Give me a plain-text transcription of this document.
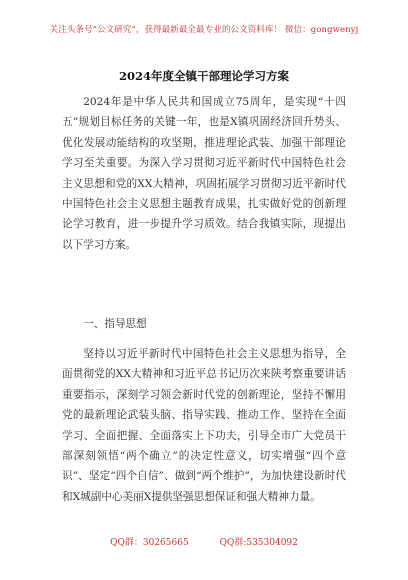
关注头条号“公文研究”，获得最新最全最专业的公文资料库！ 微信：gongwenyj
2024年度全镇干部理论学习方案

2024年是中华人民共和国成立75周年，是实现“十四五”规划目标任务的关键一年，也是X镇巩固经济回升势头、优化发展动能结构的攻坚期，推进理论武装、加强干部理论学习至关重要。为深入学习贯彻习近平新时代中国特色社会主义思想和党的XX大精神，巩固拓展学习贯彻习近平新时代中国特色社会主义思想主题教育成果，扎实做好党的创新理论学习教育，进一步提升学习质效。结合我镇实际，现提出以下学习方案。

一、指导思想

坚持以习近平新时代中国特色社会主义思想为指导，全面贯彻党的XX大精神和习近平总书记历次来陕考察重要讲话重要指示，深刻学习领会新时代党的创新理论，坚持不懈用党的最新理论武装头脑、指导实践、推动工作、坚持在全面学习、全面把握、全面落实上下功夫，引导全市广大党员干部深刻领悟“两个确立”的决定性意义，切实增强“四个意识”、坚定“四个自信”、做到“两个维护”，为加快建设新时代和X城副中心美丽X提供坚强思想保证和强大精神力量。

QQ群：30265665	QQ群:535304092
